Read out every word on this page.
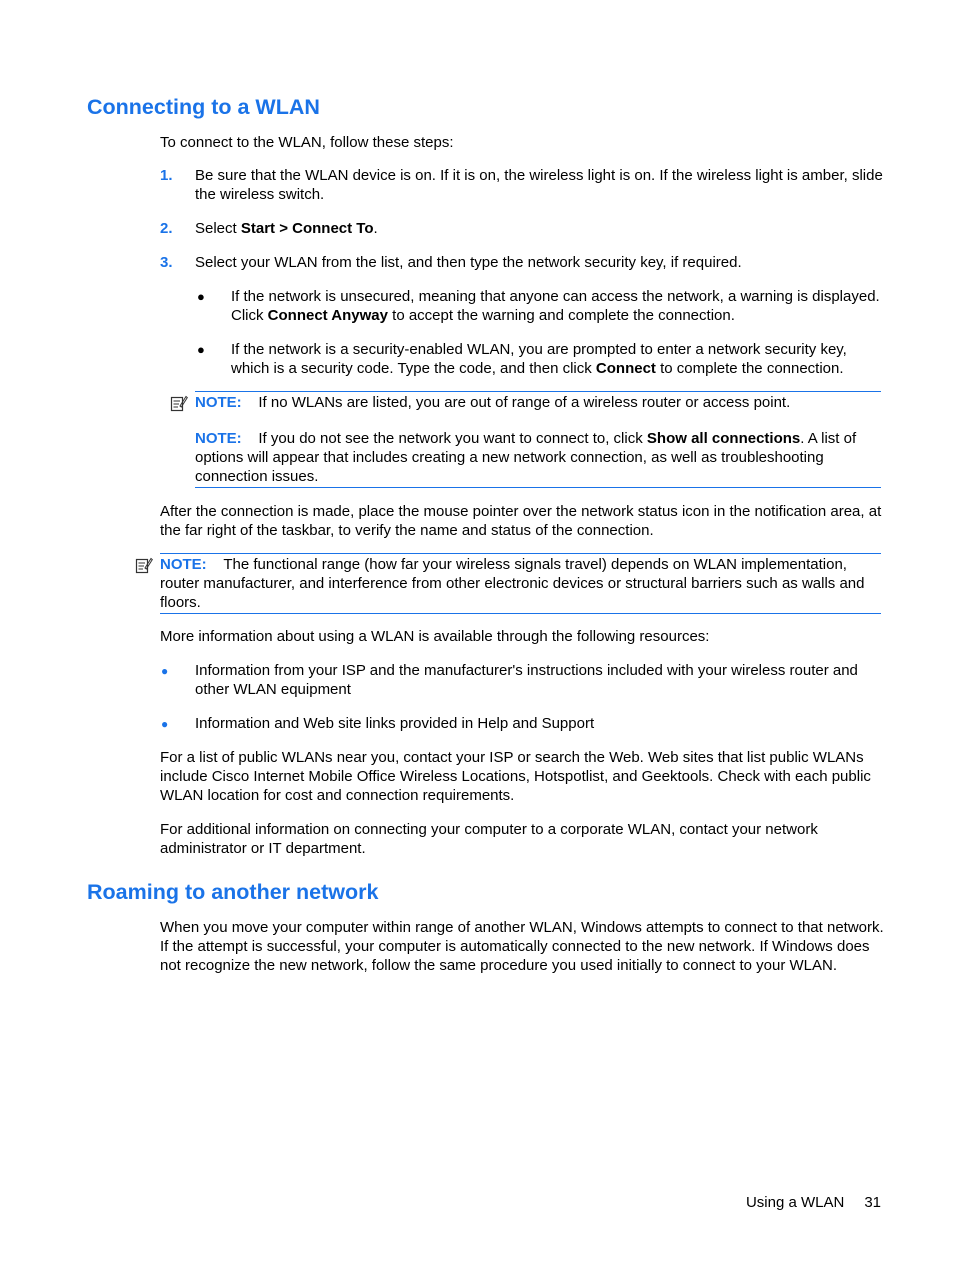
Connecting to a WLAN

To connect to the WLAN, follow these steps:

1. Be sure that the WLAN device is on. If it is on, the wireless light is on. If the wireless light is amber, slide the wireless switch.

2. Select Start > Connect To.

3. Select your WLAN from the list, and then type the network security key, if required.

● If the network is unsecured, meaning that anyone can access the network, a warning is displayed. Click Connect Anyway to accept the warning and complete the connection.

● If the network is a security-enabled WLAN, you are prompted to enter a network security key, which is a security code. Type the code, and then click Connect to complete the connection.

NOTE: If no WLANs are listed, you are out of range of a wireless router or access point.

NOTE: If you do not see the network you want to connect to, click Show all connections. A list of options will appear that includes creating a new network connection, as well as troubleshooting connection issues.

After the connection is made, place the mouse pointer over the network status icon in the notification area, at the far right of the taskbar, to verify the name and status of the connection.

NOTE: The functional range (how far your wireless signals travel) depends on WLAN implementation, router manufacturer, and interference from other electronic devices or structural barriers such as walls and floors.

More information about using a WLAN is available through the following resources:

● Information from your ISP and the manufacturer's instructions included with your wireless router and other WLAN equipment

● Information and Web site links provided in Help and Support

For a list of public WLANs near you, contact your ISP or search the Web. Web sites that list public WLANs include Cisco Internet Mobile Office Wireless Locations, Hotspotlist, and Geektools. Check with each public WLAN location for cost and connection requirements.

For additional information on connecting your computer to a corporate WLAN, contact your network administrator or IT department.

Roaming to another network

When you move your computer within range of another WLAN, Windows attempts to connect to that network. If the attempt is successful, your computer is automatically connected to the new network. If Windows does not recognize the new network, follow the same procedure you used initially to connect to your WLAN.

Using a WLAN 31
